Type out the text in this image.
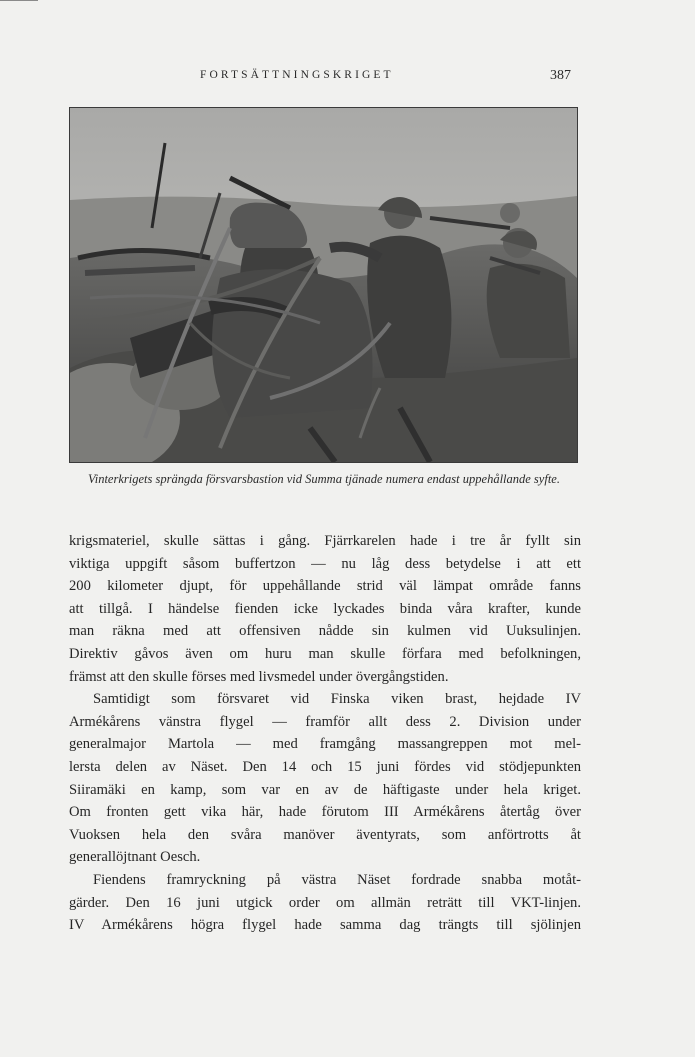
FORTSÄTTNINGSKRIGET	387
Vinterkrigets sprängda försvarsbastion vid Summa tjänade numera endast uppehållande syfte.
krigsmateriel, skulle sättas i gång. Fjärrkarelen hade i tre år fyllt sin
viktiga uppgift såsom buffertzon — nu låg dess betydelse i att ett
200 kilometer djupt, för uppehållande strid väl lämpat område fanns
att tillgå. I händelse fienden icke lyckades binda våra krafter, kunde
man räkna med att offensiven nådde sin kulmen vid Uuksulinjen.
Direktiv gåvos även om huru man skulle förfara med befolkningen,
främst att den skulle förses med livsmedel under övergångstiden.
Samtidigt som försvaret vid Finska viken brast, hejdade IV
Armékårens vänstra flygel — framför allt dess 2. Division under
generalmajor Martola — med framgång massangreppen mot mel-
lersta delen av Näset. Den 14 och 15 juni fördes vid stödjepunkten
Siiramäki en kamp, som var en av de häftigaste under hela kriget.
Om fronten gett vika här, hade förutom III Armékårens återtåg över
Vuoksen hela den svåra manöver äventyrats, som anförtrotts åt
generallöjtnant Oesch.
Fiendens framryckning på västra Näset fordrade snabba motåt-
gärder. Den 16 juni utgick order om allmän reträtt till VKT-linjen.
IV Armékårens högra flygel hade samma dag trängts till sjölinjen
